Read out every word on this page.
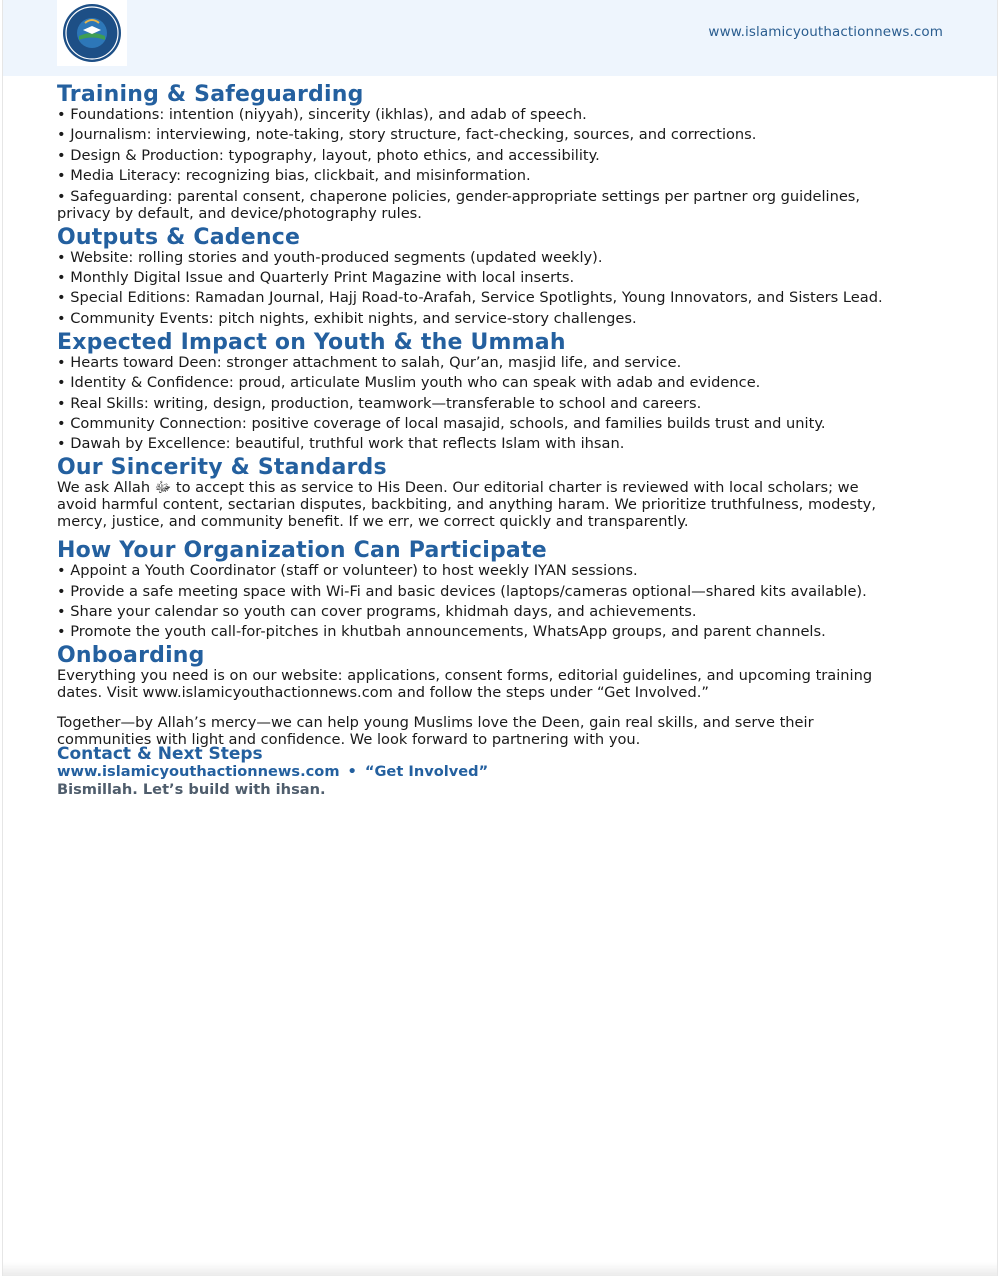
www.islamicyouthactionnews.com
Training & Safeguarding
• Foundations: intention (niyyah), sincerity (ikhlas), and adab of speech.
• Journalism: interviewing, note-taking, story structure, fact-checking, sources, and corrections.
• Design & Production: typography, layout, photo ethics, and accessibility.
• Media Literacy: recognizing bias, clickbait, and misinformation.
• Safeguarding: parental consent, chaperone policies, gender-appropriate settings per partner org guidelines, privacy by default, and device/photography rules.
Outputs & Cadence
• Website: rolling stories and youth-produced segments (updated weekly).
• Monthly Digital Issue and Quarterly Print Magazine with local inserts.
• Special Editions: Ramadan Journal, Hajj Road-to-Arafah, Service Spotlights, Young Innovators, and Sisters Lead.
• Community Events: pitch nights, exhibit nights, and service-story challenges.
Expected Impact on Youth & the Ummah
• Hearts toward Deen: stronger attachment to salah, Qur’an, masjid life, and service.
• Identity & Confidence: proud, articulate Muslim youth who can speak with adab and evidence.
• Real Skills: writing, design, production, teamwork—transferable to school and careers.
• Community Connection: positive coverage of local masajid, schools, and families builds trust and unity.
• Dawah by Excellence: beautiful, truthful work that reflects Islam with ihsan.
Our Sincerity & Standards

We ask Allah ﷻ to accept this as service to His Deen. Our editorial charter is reviewed with local scholars; we avoid harmful content, sectarian disputes, backbiting, and anything haram. We prioritize truthfulness, modesty, mercy, justice, and community benefit. If we err, we correct quickly and transparently.

How Your Organization Can Participate
• Appoint a Youth Coordinator (staff or volunteer) to host weekly IYAN sessions.
• Provide a safe meeting space with Wi-Fi and basic devices (laptops/cameras optional—shared kits available).
• Share your calendar so youth can cover programs, khidmah days, and achievements.
• Promote the youth call-for-pitches in khutbah announcements, WhatsApp groups, and parent channels.
Onboarding

Everything you need is on our website: applications, consent forms, editorial guidelines, and upcoming training dates. Visit www.islamicyouthactionnews.com and follow the steps under “Get Involved.”

Together—by Allah’s mercy—we can help young Muslims love the Deen, gain real skills, and serve their communities with light and confidence. We look forward to partnering with you.

Contact & Next Steps
www.islamicyouthactionnews.com • “Get Involved”
Bismillah. Let’s build with ihsan.
